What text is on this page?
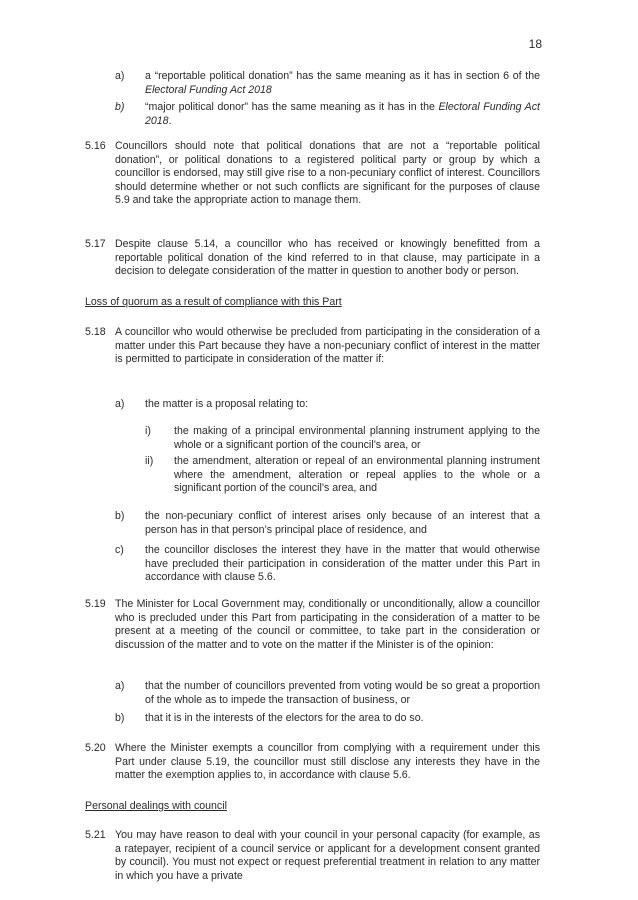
18
a) a “reportable political donation” has the same meaning as it has in section 6 of the Electoral Funding Act 2018
b) “major political donor” has the same meaning as it has in the Electoral Funding Act 2018.
5.16 Councillors should note that political donations that are not a “reportable political donation”, or political donations to a registered political party or group by which a councillor is endorsed, may still give rise to a non-pecuniary conflict of interest. Councillors should determine whether or not such conflicts are significant for the purposes of clause 5.9 and take the appropriate action to manage them.
5.17 Despite clause 5.14, a councillor who has received or knowingly benefitted from a reportable political donation of the kind referred to in that clause, may participate in a decision to delegate consideration of the matter in question to another body or person.
Loss of quorum as a result of compliance with this Part
5.18 A councillor who would otherwise be precluded from participating in the consideration of a matter under this Part because they have a non-pecuniary conflict of interest in the matter is permitted to participate in consideration of the matter if:
a) the matter is a proposal relating to:
i) the making of a principal environmental planning instrument applying to the whole or a significant portion of the council’s area, or
ii) the amendment, alteration or repeal of an environmental planning instrument where the amendment, alteration or repeal applies to the whole or a significant portion of the council’s area, and
b) the non-pecuniary conflict of interest arises only because of an interest that a person has in that person’s principal place of residence, and
c) the councillor discloses the interest they have in the matter that would otherwise have precluded their participation in consideration of the matter under this Part in accordance with clause 5.6.
5.19 The Minister for Local Government may, conditionally or unconditionally, allow a councillor who is precluded under this Part from participating in the consideration of a matter to be present at a meeting of the council or committee, to take part in the consideration or discussion of the matter and to vote on the matter if the Minister is of the opinion:
a) that the number of councillors prevented from voting would be so great a proportion of the whole as to impede the transaction of business, or
b) that it is in the interests of the electors for the area to do so.
5.20 Where the Minister exempts a councillor from complying with a requirement under this Part under clause 5.19, the councillor must still disclose any interests they have in the matter the exemption applies to, in accordance with clause 5.6.
Personal dealings with council
5.21 You may have reason to deal with your council in your personal capacity (for example, as a ratepayer, recipient of a council service or applicant for a development consent granted by council). You must not expect or request preferential treatment in relation to any matter in which you have a private
